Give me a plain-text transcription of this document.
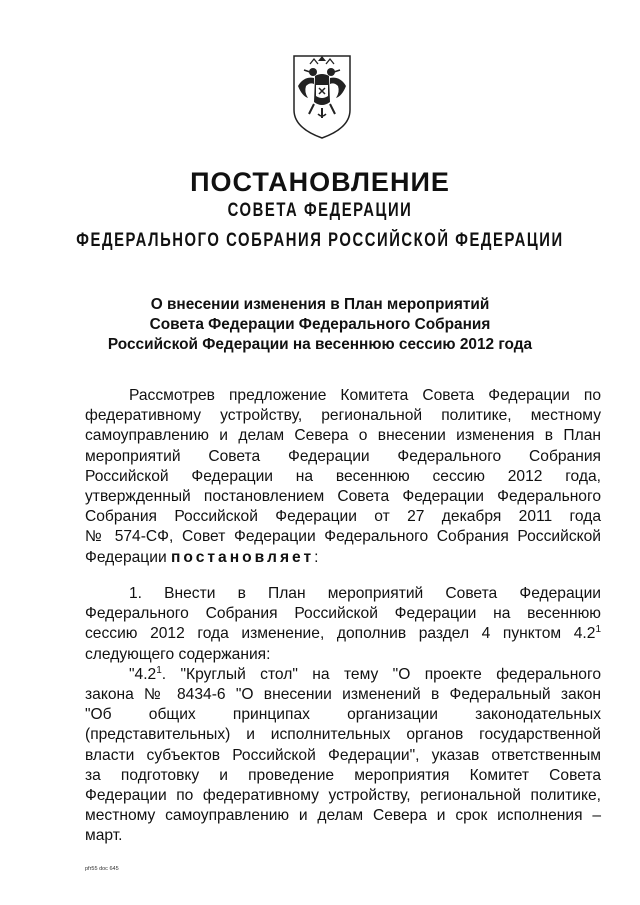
ПОСТАНОВЛЕНИЕ
СОВЕТА ФЕДЕРАЦИИ
ФЕДЕРАЛЬНОГО СОБРАНИЯ РОССИЙСКОЙ ФЕДЕРАЦИИ
О внесении изменения в План мероприятий
Совета Федерации Федерального Собрания
Российской Федерации на весеннюю сессию 2012 года
Рассмотрев предложение Комитета Совета Федерации по
федеративному устройству, региональной политике, местному
самоуправлению и делам Севера о внесении изменения в План
мероприятий Совета Федерации Федерального Собрания
Российской Федерации на весеннюю сессию 2012 года,
утвержденный постановлением Совета Федерации Федерального
Собрания Российской Федерации от 27 декабря 2011 года
№ 574-СФ, Совет Федерации Федерального Собрания Российской
Федерации постановляет:
1. Внести в План мероприятий Совета Федерации
Федерального Собрания Российской Федерации на весеннюю
сессию 2012 года изменение, дополнив раздел 4 пунктом $4.2^1$
следующего содержания:
"$4.2^1$. "Круглый стол" на тему "О проекте федерального
закона № 8434-6 "О внесении изменений в Федеральный закон
"Об общих принципах организации законодательных
(представительных) и исполнительных органов государственной
власти субъектов Российской Федерации", указав ответственным
за подготовку и проведение мероприятия Комитет Совета
Федерации по федеративному устройству, региональной политике,
местному самоуправлению и делам Севера и срок исполнения –
март.
pfr55 doc 645
